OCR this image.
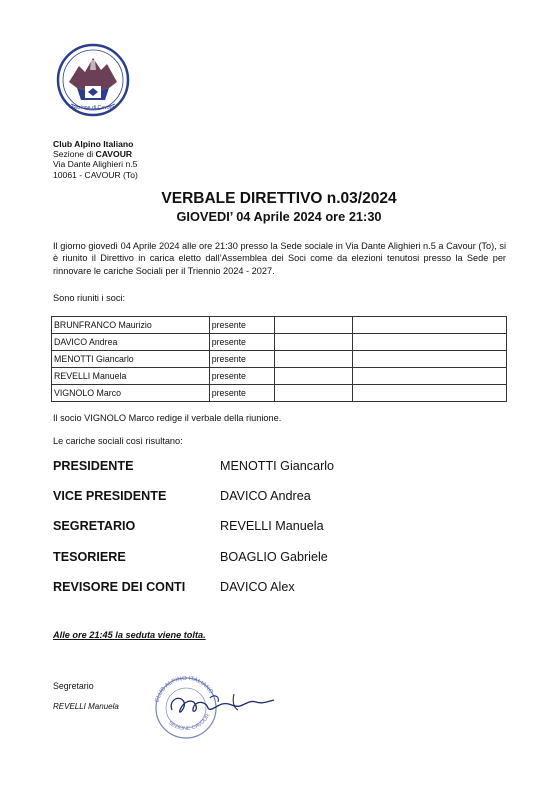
Sezione di Cavour
Club Alpino Italiano
Sezione di CAVOUR
Via Dante Alighieri n.5
10061 - CAVOUR (To)
VERBALE DIRETTIVO n.03/2024
GIOVEDI’ 04 Aprile 2024 ore 21:30
Il giorno giovedì 04 Aprile 2024 alle ore 21:30 presso la Sede sociale in Via Dante Alighieri n.5 a Cavour (To), si è riunito il Direttivo in carica eletto dall’Assemblea dei Soci come da elezioni tenutosi presso la Sede per rinnovare le cariche Sociali per il Triennio 2024 - 2027.
Sono riuniti i soci:
BRUNFRANCO Maurizio	presente		
DAVICO Andrea	presente		
MENOTTI Giancarlo	presente		
REVELLI Manuela	presente		
VIGNOLO Marco	presente		
Il socio VIGNOLO Marco redige il verbale della riunione.
Le cariche sociali così risultano:
PRESIDENTE	MENOTTI Giancarlo
VICE PRESIDENTE	DAVICO Andrea
SEGRETARIO	REVELLI Manuela
TESORIERE	BOAGLIO Gabriele
REVISORE DEI CONTI	DAVICO Alex
Alle ore 21:45 la seduta viene tolta.
Segretario
REVELLI Manuela
CLUB ALPINO ITALIANO
SEZIONE CAVOUR
